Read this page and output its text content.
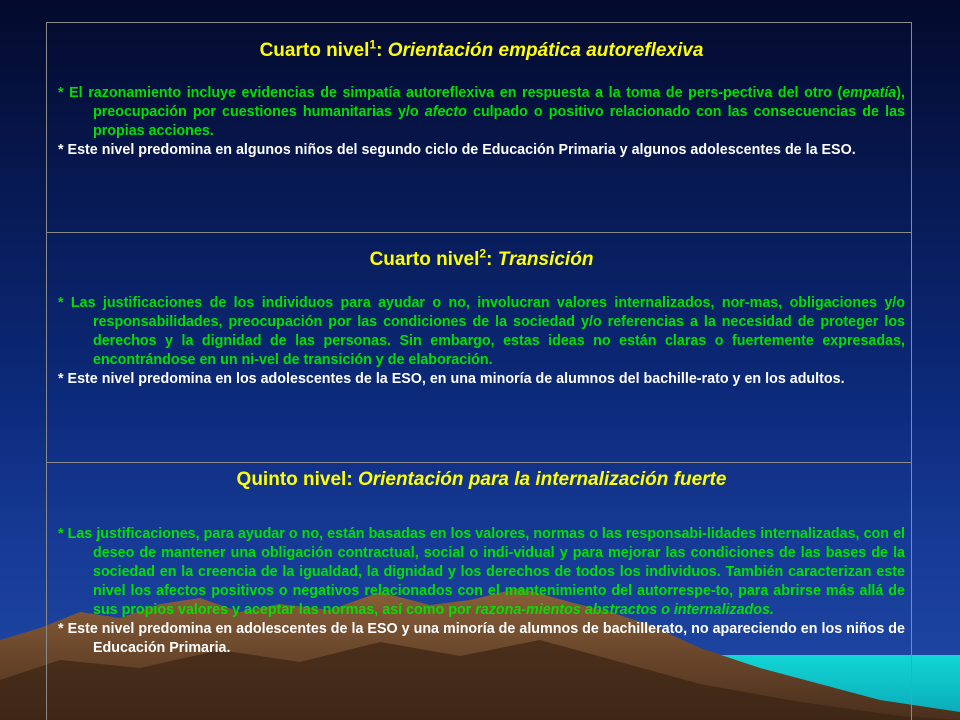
Cuarto nivel$^1$: Orientación empática autoreflexiva

* El razonamiento incluye evidencias de simpatía autoreflexiva en respuesta a la toma de pers-pectiva del otro (empatía), preocupación por cuestiones humanitarias y/o afecto culpado o positivo relacionado con las consecuencias de las propias acciones.

* Este nivel predomina en algunos niños del segundo ciclo de Educación Primaria y algunos adolescentes de la ESO.

Cuarto nivel$^2$: Transición

* Las justificaciones de los individuos para ayudar o no, involucran valores internalizados, nor-mas, obligaciones y/o responsabilidades, preocupación por las condiciones de la sociedad y/o referencias a la necesidad de proteger los derechos y la dignidad de las personas. Sin embargo, estas ideas no están claras o fuertemente expresadas, encontrándose en un ni-vel de transición y de elaboración.

* Este nivel predomina en los adolescentes de la ESO, en una minoría de alumnos del bachille-rato y en los adultos.

Quinto nivel: Orientación para la internalización fuerte

* Las justificaciones, para ayudar o no, están basadas en los valores, normas o las responsabi-lidades internalizadas, con el deseo de mantener una obligación contractual, social o indi-vidual y para mejorar las condiciones de las bases de la sociedad en la creencia de la igualdad, la dignidad y los derechos de todos los individuos. También caracterizan este nivel los afectos positivos o negativos relacionados con el mantenimiento del autorrespe-to, para abrirse más allá de sus propios valores y aceptar las normas, así como por razona-mientos abstractos o internalizados.

* Este nivel predomina en adolescentes de la ESO y una minoría de alumnos de bachillerato, no apareciendo en los niños de Educación Primaria.
